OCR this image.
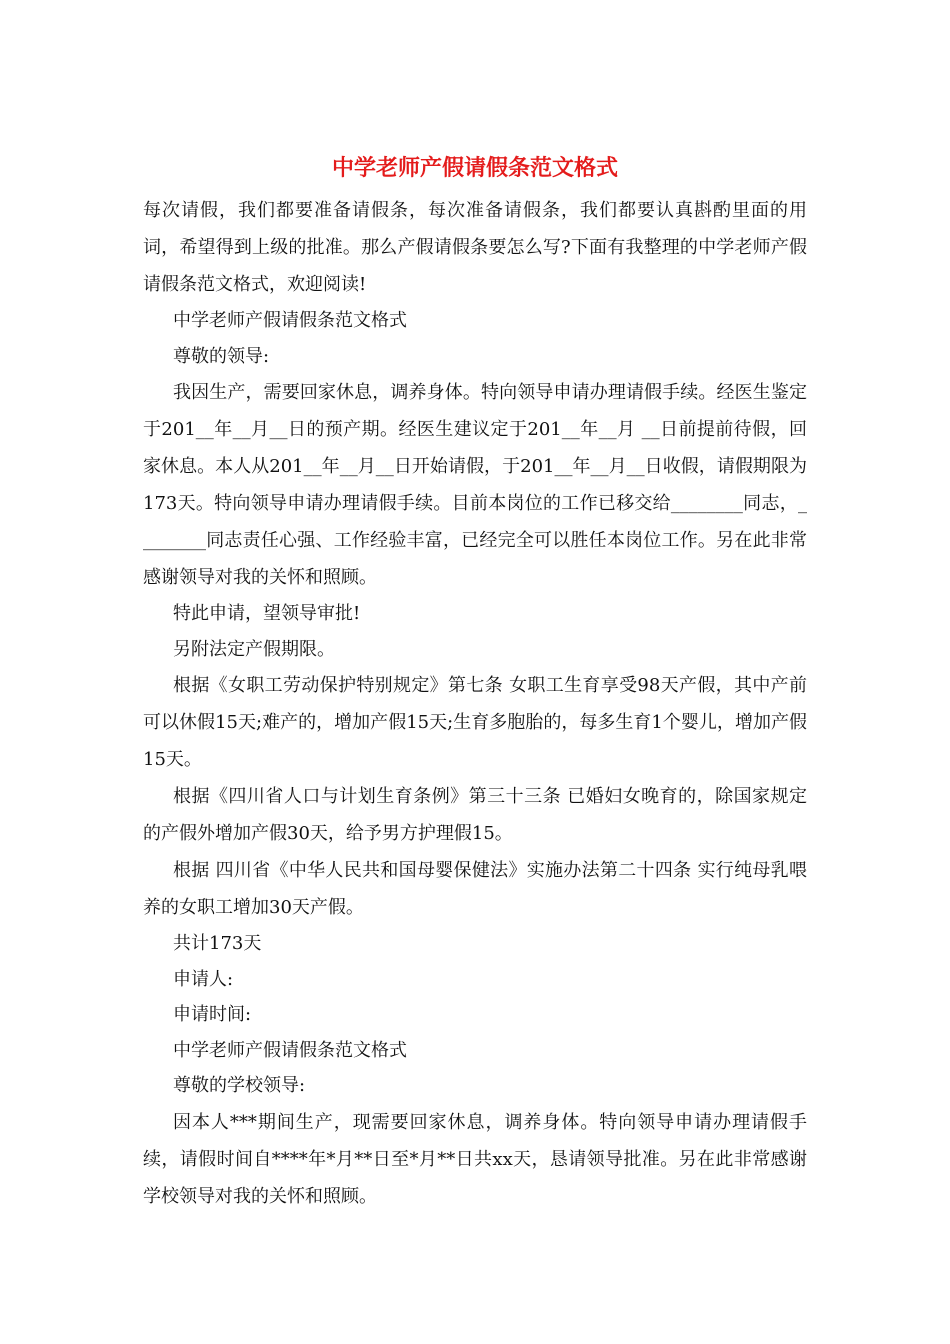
中学老师产假请假条范文格式

每次请假，我们都要准备请假条，每次准备请假条，我们都要认真斟酌里面的用词，希望得到上级的批准。那么产假请假条要怎么写?下面有我整理的中学老师产假请假条范文格式，欢迎阅读!

中学老师产假请假条范文格式

尊敬的领导:

我因生产，需要回家休息，调养身体。特向领导申请办理请假手续。经医生鉴定于201__年__月__日的预产期。经医生建议定于201__年__月 __日前提前待假，回家休息。本人从201__年__月__日开始请假，于201__年__月__日收假，请假期限为173天。特向领导申请办理请假手续。目前本岗位的工作已移交给________同志，________同志责任心强、工作经验丰富，已经完全可以胜任本岗位工作。另在此非常感谢领导对我的关怀和照顾。

特此申请，望领导审批!

另附法定产假期限。

根据《女职工劳动保护特别规定》第七条 女职工生育享受98天产假，其中产前可以休假15天;难产的，增加产假15天;生育多胞胎的，每多生育1个婴儿，增加产假15天。

根据《四川省人口与计划生育条例》第三十三条 已婚妇女晚育的，除国家规定的产假外增加产假30天，给予男方护理假15。

根据 四川省《中华人民共和国母婴保健法》实施办法第二十四条 实行纯母乳喂养的女职工增加30天产假。

共计173天

申请人:

申请时间:

中学老师产假请假条范文格式

尊敬的学校领导:

因本人***期间生产，现需要回家休息，调养身体。特向领导申请办理请假手续，请假时间自****年*月**日至*月**日共xx天，恳请领导批准。另在此非常感谢学校领导对我的关怀和照顾。
